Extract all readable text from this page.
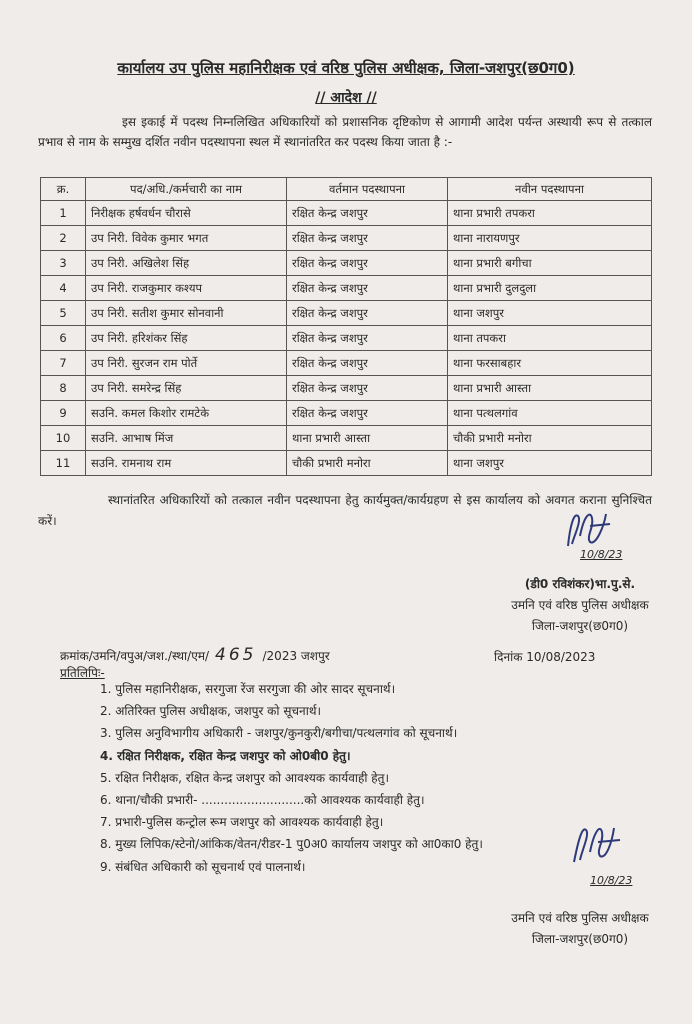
कार्यालय उप पुलिस महानिरीक्षक एवं वरिष्ठ पुलिस अधीक्षक, जिला-जशपुर(छ0ग0)
// आदेश //
इस इकाई में पदस्थ निम्नलिखित अधिकारियों को प्रशासनिक दृष्टिकोण से आगामी आदेश पर्यन्त अस्थायी रूप से तत्काल प्रभाव से नाम के सम्मुख दर्शित नवीन पदस्थापना स्थल में स्थानांतरित कर पदस्थ किया जाता है :-
क्र.	पद/अधि./कर्मचारी का नाम	वर्तमान पदस्थापना	नवीन पदस्थापना
1	निरीक्षक हर्षवर्धन चौरासे	रक्षित केन्द्र जशपुर	थाना प्रभारी तपकरा
2	उप निरी. विवेक कुमार भगत	रक्षित केन्द्र जशपुर	थाना नारायणपुर
3	उप निरी. अखिलेश सिंह	रक्षित केन्द्र जशपुर	थाना प्रभारी बगीचा
4	उप निरी. राजकुमार कश्यप	रक्षित केन्द्र जशपुर	थाना प्रभारी दुलदुला
5	उप निरी. सतीश कुमार सोनवानी	रक्षित केन्द्र जशपुर	थाना जशपुर
6	उप निरी. हरिशंकर सिंह	रक्षित केन्द्र जशपुर	थाना तपकरा
7	उप निरी. सुरजन राम पोर्ते	रक्षित केन्द्र जशपुर	थाना फरसाबहार
8	उप निरी. समरेन्द्र सिंह	रक्षित केन्द्र जशपुर	थाना प्रभारी आस्ता
9	सउनि. कमल किशोर रामटेके	रक्षित केन्द्र जशपुर	थाना पत्थलगांव
10	सउनि. आभाष मिंज	थाना प्रभारी आस्ता	चौकी प्रभारी मनोरा
11	सउनि. रामनाथ राम	चौकी प्रभारी मनोरा	थाना जशपुर
स्थानांतरित अधिकारियों को तत्काल नवीन पदस्थापना हेतु कार्यमुक्त/कार्यग्रहण से इस कार्यालय को अवगत कराना सुनिश्चित करें।
10/8/23
(डी0 रविशंकर)भा.पु.से.
उमनि एवं वरिष्ठ पुलिस अधीक्षक
जिला-जशपुर(छ0ग0)
क्रमांक/उमनि/वपुअ/जश./स्था/एम/ 465 /2023 जशपुर	दिनांक 10/08/2023
प्रतिलिपिः-
1. पुलिस महानिरीक्षक, सरगुजा रेंज सरगुजा की ओर सादर सूचनार्थ।
2. अतिरिक्त पुलिस अधीक्षक, जशपुर को सूचनार्थ।
3. पुलिस अनुविभागीय अधिकारी - जशपुर/कुनकुरी/बगीचा/पत्थलगांव को सूचनार्थ।
4. रक्षित निरीक्षक, रक्षित केन्द्र जशपुर को ओ0बी0 हेतु।
5. रक्षित निरीक्षक, रक्षित केन्द्र जशपुर को आवश्यक कार्यवाही हेतु।
6. थाना/चौकी प्रभारी- ...........................को आवश्यक कार्यवाही हेतु।
7. प्रभारी-पुलिस कन्ट्रोल रूम जशपुर को आवश्यक कार्यवाही हेतु।
8. मुख्य लिपिक/स्टेनो/आंकिक/वेतन/रीडर-1 पु0अ0 कार्यालय जशपुर को आ0का0 हेतु।
9. संबंधित अधिकारी को सूचनार्थ एवं पालनार्थ।
10/8/23
उमनि एवं वरिष्ठ पुलिस अधीक्षक
जिला-जशपुर(छ0ग0)
